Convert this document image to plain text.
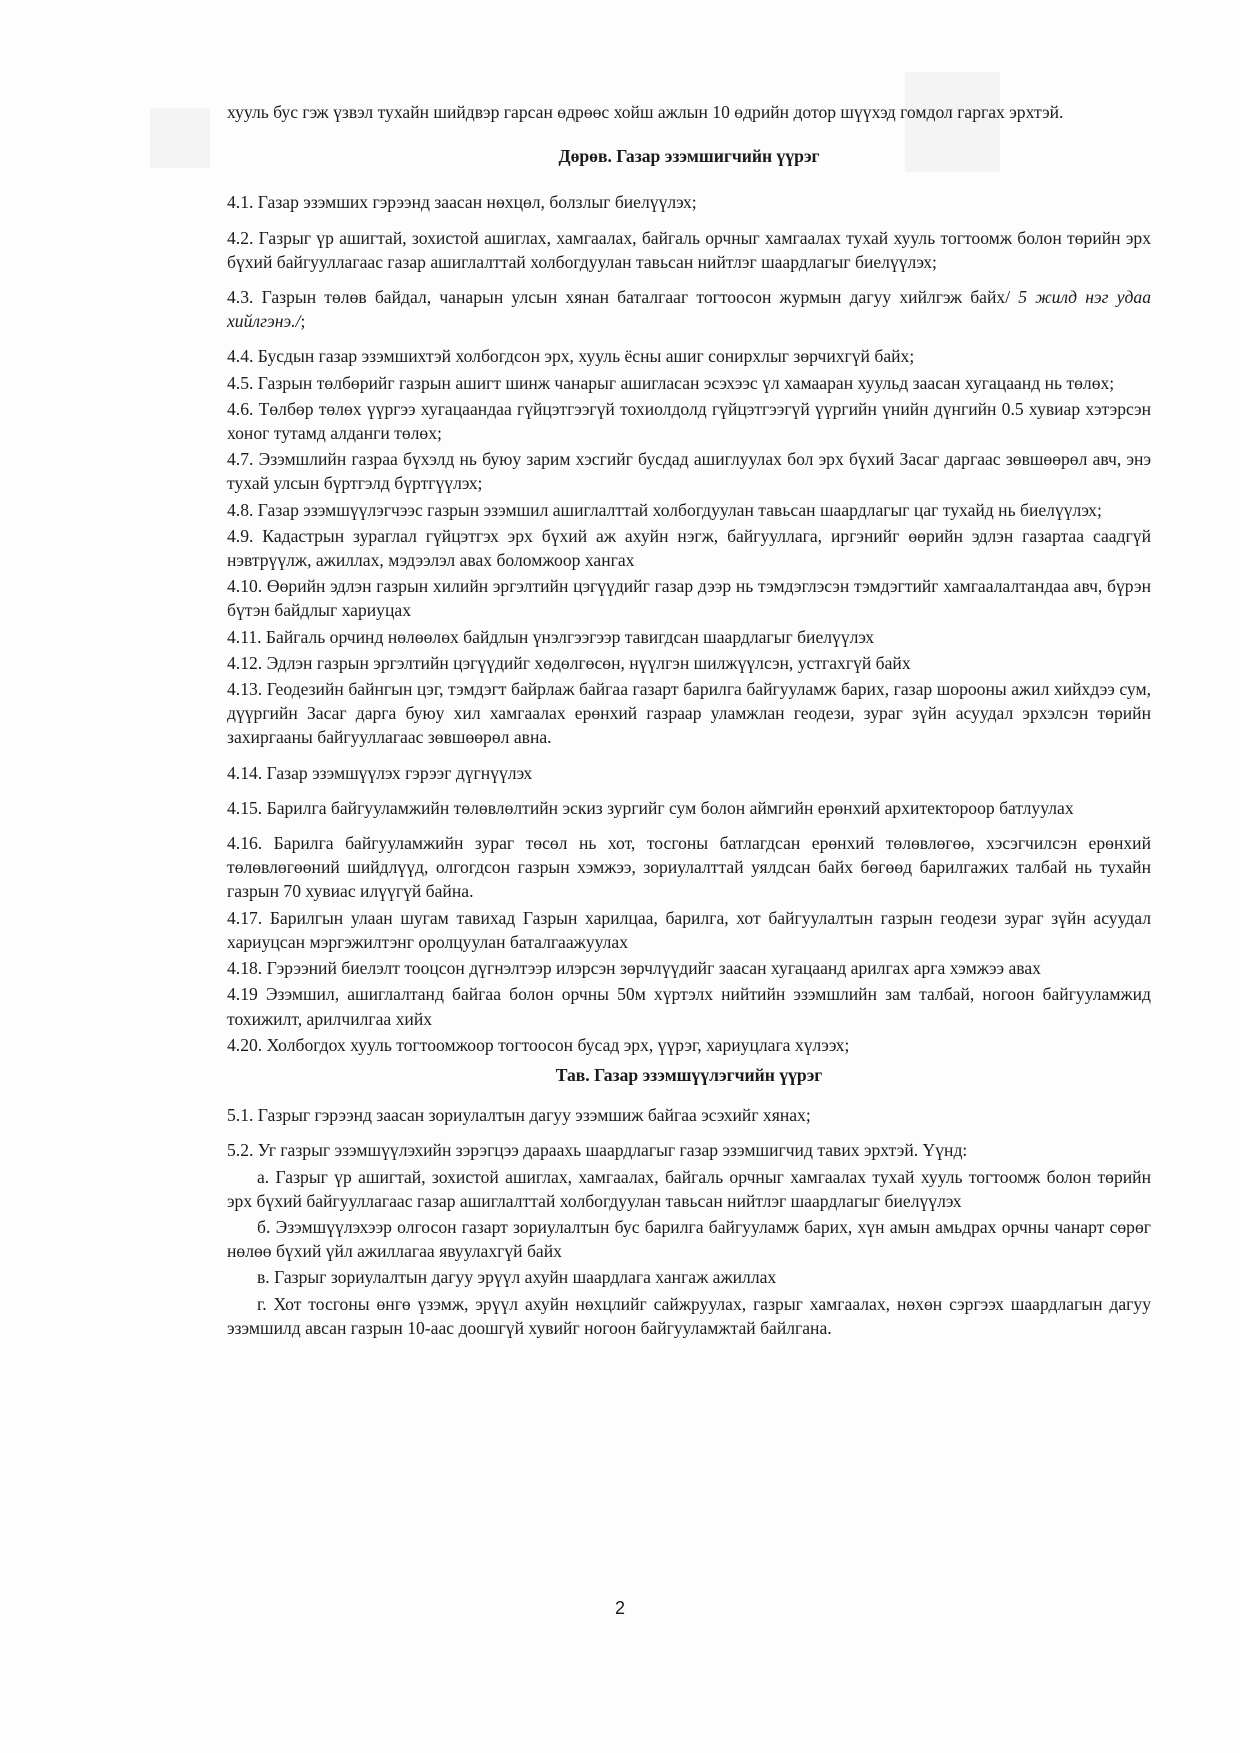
хууль бус гэж үзвэл тухайн шийдвэр гарсан өдрөөс хойш ажлын 10 өдрийн дотор шүүхэд гомдол гаргах эрхтэй.

Дөрөв. Газар эзэмшигчийн үүрэг

4.1. Газар эзэмших гэрээнд заасан нөхцөл, болзлыг биелүүлэх;

4.2. Газрыг үр ашигтай, зохистой ашиглах, хамгаалах, байгаль орчныг хамгаалах тухай хууль тогтоомж болон төрийн эрх бүхий байгууллагаас газар ашиглалттай холбогдуулан тавьсан нийтлэг шаардлагыг биелүүлэх;

4.3. Газрын төлөв байдал, чанарын улсын хянан баталгааг тогтоосон журмын дагуу хийлгэж байх/ 5 жилд нэг удаа хийлгэнэ./;

4.4. Бусдын газар эзэмшихтэй холбогдсон эрх, хууль ёсны ашиг сонирхлыг зөрчихгүй байх;

4.5. Газрын төлбөрийг газрын ашигт шинж чанарыг ашигласан эсэхээс үл хамааран хуульд заасан хугацаанд нь төлөх;

4.6. Төлбөр төлөх үүргээ хугацаандаа гүйцэтгээгүй тохиолдолд гүйцэтгээгүй үүргийн үнийн дүнгийн 0.5 хувиар хэтэрсэн хоног тутамд алданги төлөх;

4.7. Эзэмшлийн газраа бүхэлд нь буюу зарим хэсгийг бусдад ашиглуулах бол эрх бүхий Засаг даргаас зөвшөөрөл авч, энэ тухай улсын бүртгэлд бүртгүүлэх;

4.8. Газар эзэмшүүлэгчээс газрын эзэмшил ашиглалттай холбогдуулан тавьсан шаардлагыг цаг тухайд нь биелүүлэх;

4.9. Кадастрын зураглал гүйцэтгэх эрх бүхий аж ахуйн нэгж, байгууллага, иргэнийг өөрийн эдлэн газартаа саадгүй нэвтрүүлж, ажиллах, мэдээлэл авах боломжоор хангах

4.10. Өөрийн эдлэн газрын хилийн эргэлтийн цэгүүдийг газар дээр нь тэмдэглэсэн тэмдэгтийг хамгаалалтандаа авч, бүрэн бүтэн байдлыг хариуцах

4.11. Байгаль орчинд нөлөөлөх байдлын үнэлгээгээр тавигдсан шаардлагыг биелүүлэх

4.12. Эдлэн газрын эргэлтийн цэгүүдийг хөдөлгөсөн, нүүлгэн шилжүүлсэн, устгахгүй байх

4.13. Геодезийн байнгын цэг, тэмдэгт байрлаж байгаа газарт барилга байгууламж барих, газар шорооны ажил хийхдээ сум, дүүргийн Засаг дарга буюу хил хамгаалах ерөнхий газраар уламжлан геодези, зураг зүйн асуудал эрхэлсэн төрийн захиргааны байгууллагаас зөвшөөрөл авна.

4.14. Газар эзэмшүүлэх гэрээг дүгнүүлэх

4.15. Барилга байгууламжийн төлөвлөлтийн эскиз зургийг сум болон аймгийн ерөнхий архитектороор батлуулах

4.16. Барилга байгууламжийн зураг төсөл нь хот, тосгоны батлагдсан ерөнхий төлөвлөгөө, хэсэгчилсэн ерөнхий төлөвлөгөөний шийдлүүд, олгогдсон газрын хэмжээ, зориулалттай уялдсан байх бөгөөд барилгажих талбай нь тухайн газрын 70 хувиас илүүгүй байна.

4.17. Барилгын улаан шугам тавихад Газрын харилцаа, барилга, хот байгуулалтын газрын геодези зураг зүйн асуудал хариуцсан мэргэжилтэнг оролцуулан баталгаажуулах

4.18. Гэрээний биелэлт тооцсон дүгнэлтээр илэрсэн зөрчлүүдийг заасан хугацаанд арилгах арга хэмжээ авах

4.19 Эзэмшил, ашиглалтанд байгаа болон орчны 50м хүртэлх нийтийн эзэмшлийн зам талбай, ногоон байгууламжид тохижилт, арилчилгаа хийх

4.20. Холбогдох хууль тогтоомжоор тогтоосон бусад эрх, үүрэг, хариуцлага хүлээх;

Тав. Газар эзэмшүүлэгчийн үүрэг

5.1. Газрыг гэрээнд заасан зориулалтын дагуу эзэмшиж байгаа эсэхийг хянах;

5.2. Уг газрыг эзэмшүүлэхийн зэрэгцээ дараахь шаардлагыг газар эзэмшигчид тавих эрхтэй. Үүнд:

а. Газрыг үр ашигтай, зохистой ашиглах, хамгаалах, байгаль орчныг хамгаалах тухай хууль тогтоомж болон төрийн эрх бүхий байгууллагаас газар ашиглалттай холбогдуулан тавьсан нийтлэг шаардлагыг биелүүлэх

б. Эзэмшүүлэхээр олгосон газарт зориулалтын бус барилга байгууламж барих, хүн амын амьдрах орчны чанарт сөрөг нөлөө бүхий үйл ажиллагаа явуулахгүй байх

в. Газрыг зориулалтын дагуу эрүүл ахуйн шаардлага хангаж ажиллах

г. Хот тосгоны өнгө үзэмж, эрүүл ахуйн нөхцлийг сайжруулах, газрыг хамгаалах, нөхөн сэргээх шаардлагын дагуу эзэмшилд авсан газрын 10-аас доошгүй хувийг ногоон байгууламжтай байлгана.

2
